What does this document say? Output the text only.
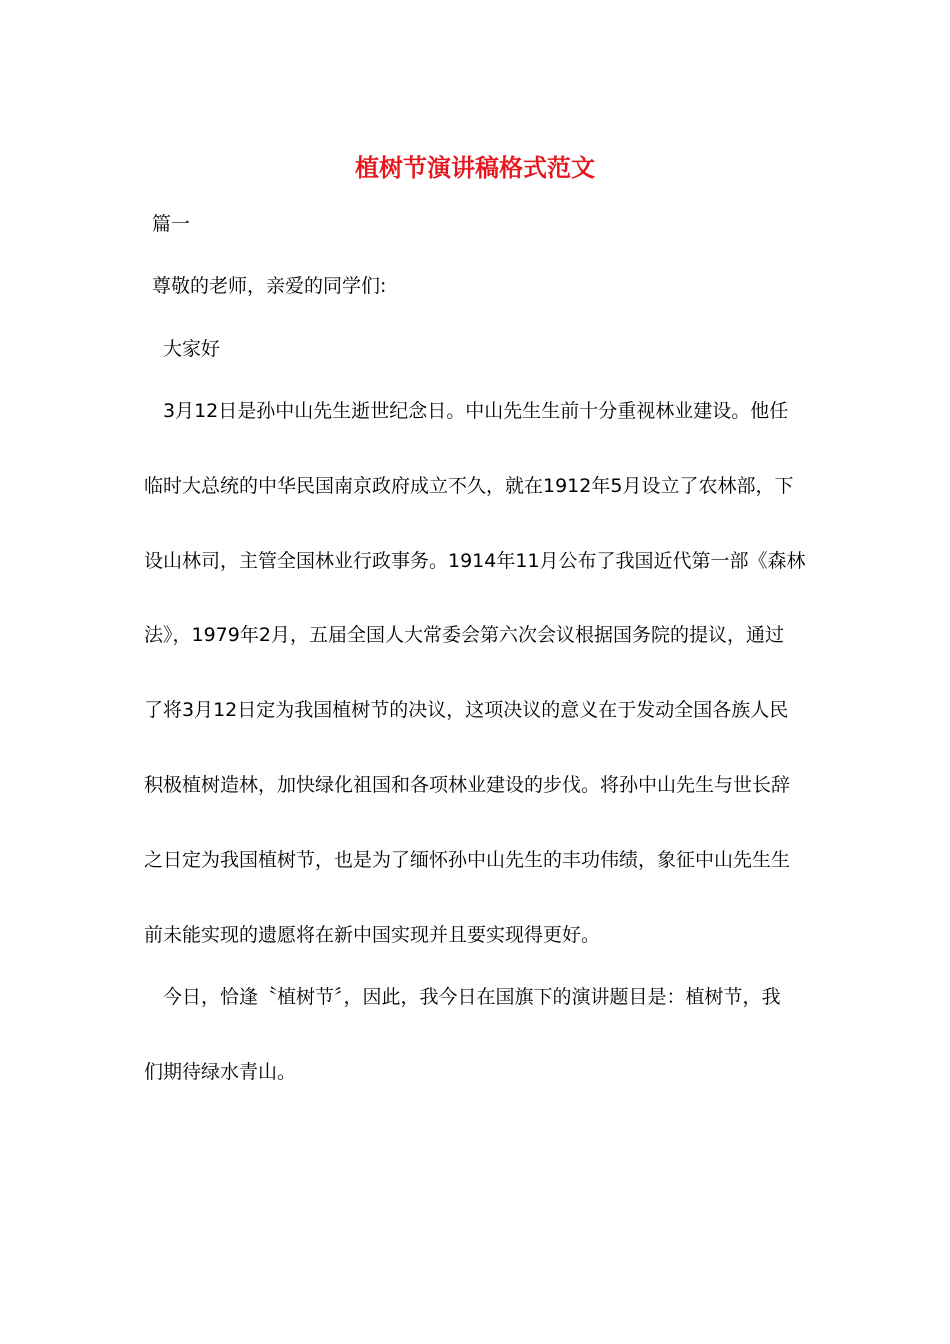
植树节演讲稿格式范文

篇一

尊敬的老师，亲爱的同学们:

大家好

3月12日是孙中山先生逝世纪念日。中山先生生前十分重视林业建设。他任

临时大总统的中华民国南京政府成立不久，就在1912年5月设立了农林部，下

设山林司，主管全国林业行政事务。1914年11月公布了我国近代第一部《森林

法》，1979年2月，五届全国人大常委会第六次会议根据国务院的提议，通过

了将3月12日定为我国植树节的决议，这项决议的意义在于发动全国各族人民

积极植树造林，加快绿化祖国和各项林业建设的步伐。将孙中山先生与世长辞

之日定为我国植树节，也是为了缅怀孙中山先生的丰功伟绩，象征中山先生生

前未能实现的遗愿将在新中国实现并且要实现得更好。

今日，恰逢〝植树节〞，因此，我今日在国旗下的演讲题目是：植树节，我

们期待绿水青山。
